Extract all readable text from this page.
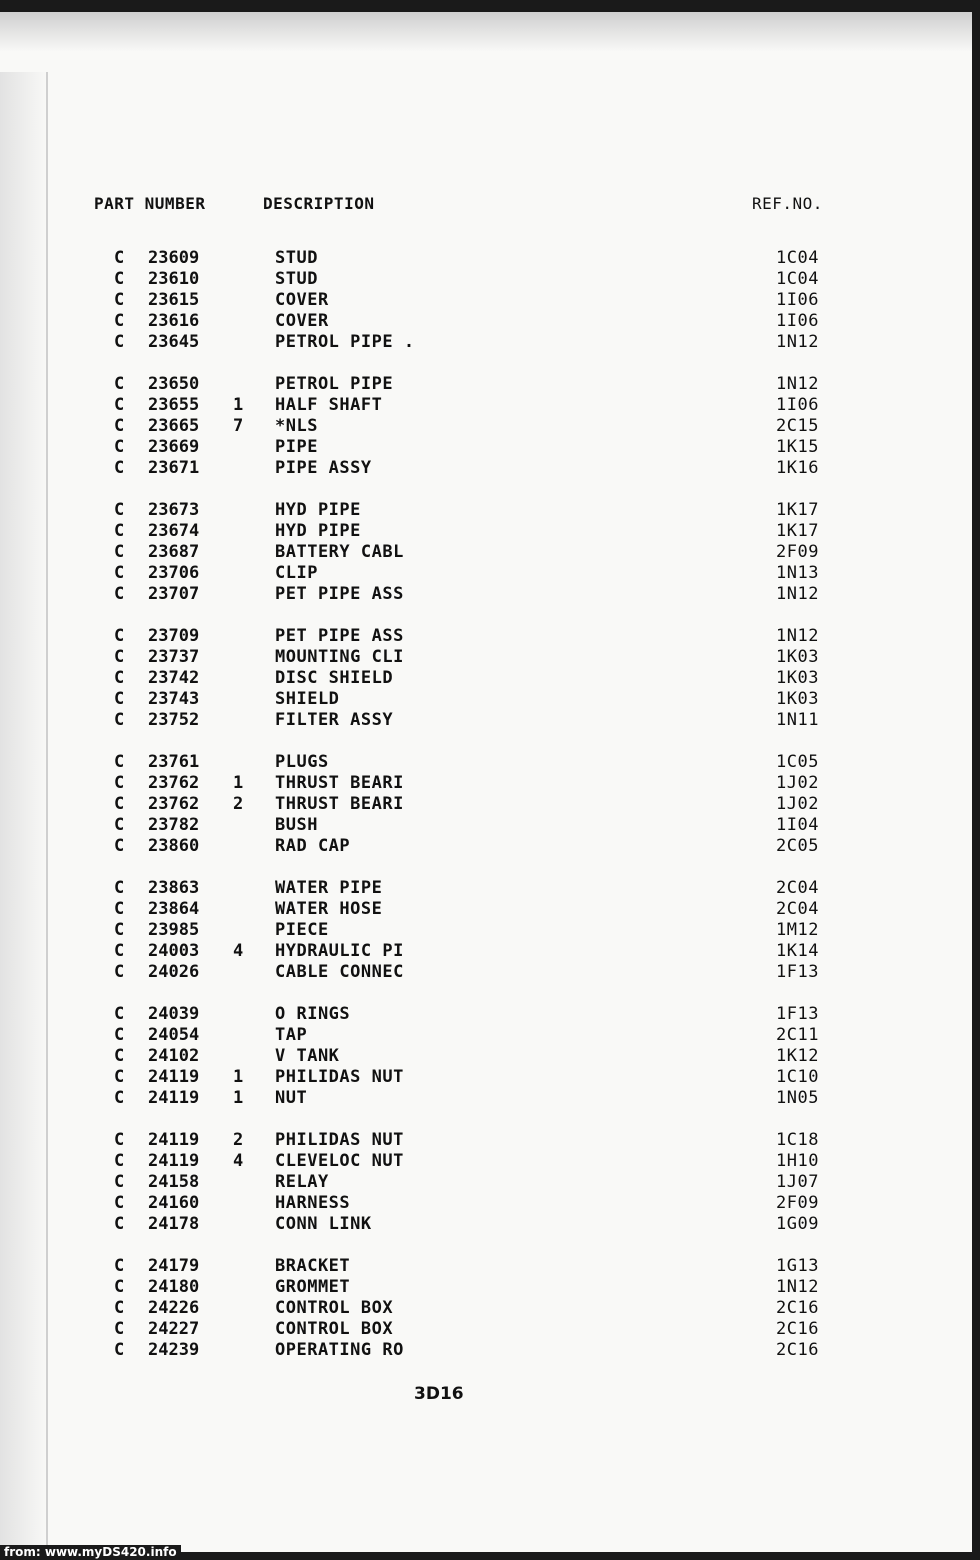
PART NUMBER	DESCRIPTION	REF.NO.
C 23609	STUD	1C04
C 23610	STUD	1C04
C 23615	COVER	1I06
C 23616	COVER	1I06
C 23645	PETROL PIPE .	1N12
C 23650	PETROL PIPE	1N12
C 23655 1 HALF SHAFT	1I06
C 23665 7 *NLS	2C15
C 23669	PIPE	1K15
C 23671	PIPE ASSY	1K16
C 23673	HYD PIPE	1K17
C 23674	HYD PIPE	1K17
C 23687	BATTERY CABL	2F09
C 23706	CLIP	1N13
C 23707	PET PIPE ASS	1N12
C 23709	PET PIPE ASS	1N12
C 23737	MOUNTING CLI	1K03
C 23742	DISC SHIELD	1K03
C 23743	SHIELD	1K03
C 23752	FILTER ASSY	1N11
C 23761	PLUGS	1C05
C 23762 1 THRUST BEARI	1J02
C 23762 2 THRUST BEARI	1J02
C 23782	BUSH	1I04
C 23860	RAD CAP	2C05
C 23863	WATER PIPE	2C04
C 23864	WATER HOSE	2C04
C 23985	PIECE	1M12
C 24003 4 HYDRAULIC PI	1K14
C 24026	CABLE CONNEC	1F13
C 24039	O RINGS	1F13
C 24054	TAP	2C11
C 24102	V TANK	1K12
C 24119 1 PHILIDAS NUT	1C10
C 24119 1 NUT	1N05
C 24119 2 PHILIDAS NUT	1C18
C 24119 4 CLEVELOC NUT	1H10
C 24158	RELAY	1J07
C 24160	HARNESS	2F09
C 24178	CONN LINK	1G09
C 24179	BRACKET	1G13
C 24180	GROMMET	1N12
C 24226	CONTROL BOX	2C16
C 24227	CONTROL BOX	2C16
C 24239	OPERATING RO	2C16
3D16
from: www.myDS420.info
